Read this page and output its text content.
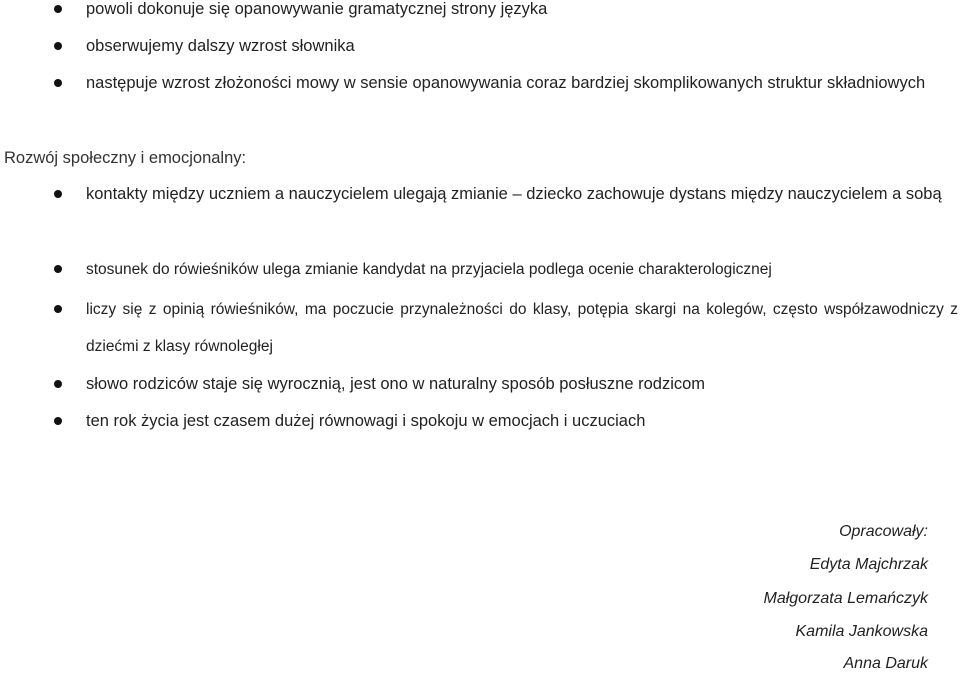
powoli dokonuje się opanowywanie gramatycznej strony języka
obserwujemy dalszy wzrost słownika
następuje wzrost złożoności mowy w sensie opanowywania coraz bardziej skomplikowanych struktur składniowych
Rozwój społeczny i emocjonalny:
kontakty między uczniem a nauczycielem ulegają zmianie – dziecko zachowuje dystans między nauczycielem a sobą
stosunek do rówieśników ulega zmianie kandydat na przyjaciela podlega ocenie charakterologicznej
liczy się z opinią rówieśników, ma poczucie przynależności do klasy, potępia skargi na kolegów, często współzawodniczy z dziećmi z klasy równoległej
słowo rodziców staje się wyrocznią, jest ono w naturalny sposób posłuszne rodzicom
ten rok życia jest czasem dużej równowagi i spokoju w emocjach i uczuciach
Opracowały:
Edyta Majchrzak
Małgorzata Lemańczyk
Kamila Jankowska
Anna Daruk
